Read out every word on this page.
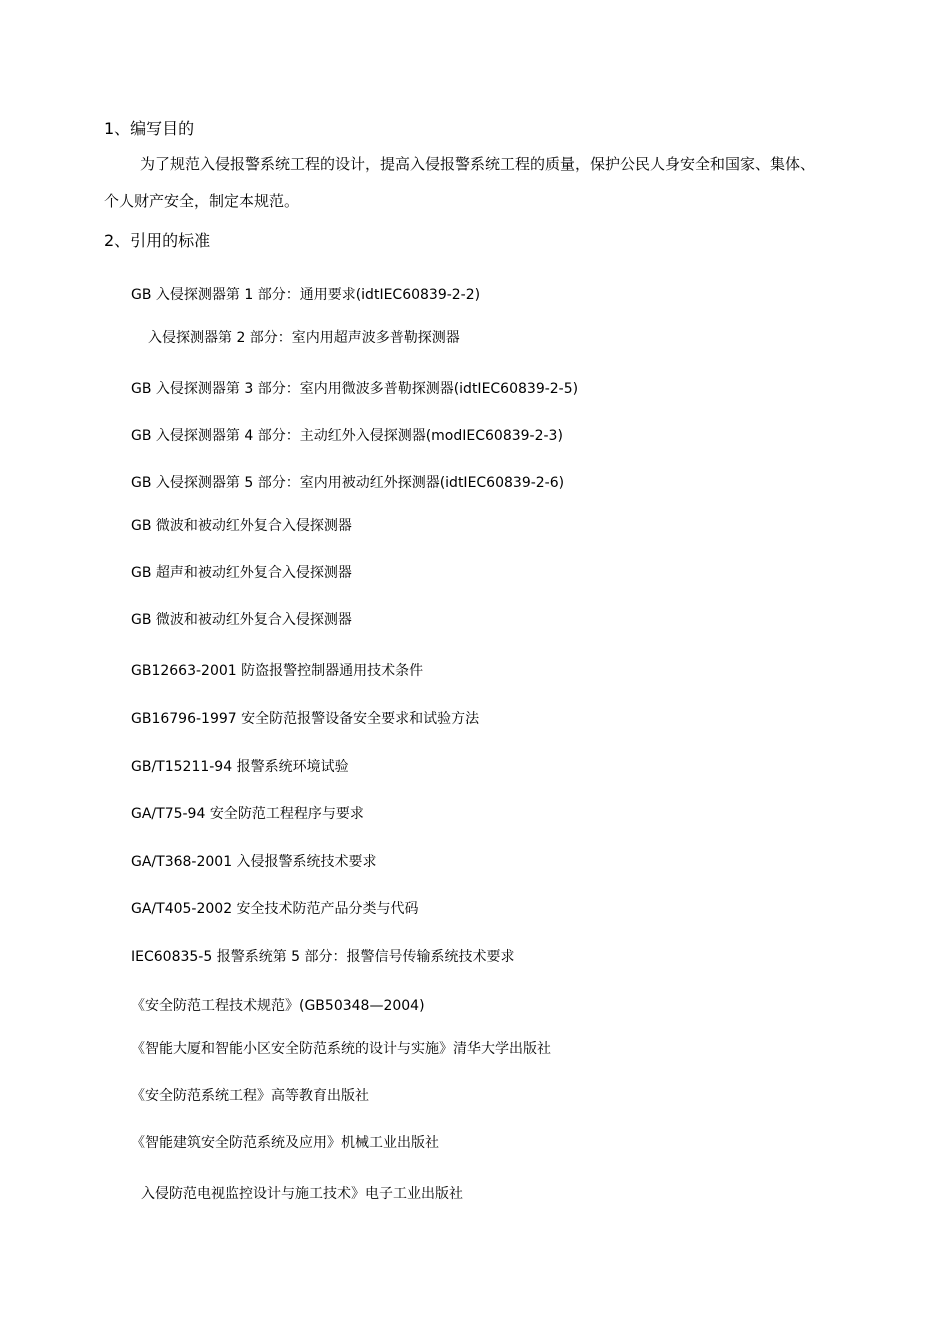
1、编写目的
为了规范入侵报警系统工程的设计，提高入侵报警系统工程的质量，保护公民人身安全和国家、集体、
个人财产安全，制定本规范。
2、引用的标准
GB 入侵探测器第 1 部分：通用要求(idtIEC60839-2-2)
入侵探测器第 2 部分：室内用超声波多普勒探测器
GB 入侵探测器第 3 部分：室内用微波多普勒探测器(idtIEC60839-2-5)
GB 入侵探测器第 4 部分：主动红外入侵探测器(modIEC60839-2-3)
GB 入侵探测器第 5 部分：室内用被动红外探测器(idtIEC60839-2-6)
GB 微波和被动红外复合入侵探测器
GB 超声和被动红外复合入侵探测器
GB 微波和被动红外复合入侵探测器
GB12663-2001 防盗报警控制器通用技术条件
GB16796-1997 安全防范报警设备安全要求和试验方法
GB/T15211-94 报警系统环境试验
GA/T75-94 安全防范工程程序与要求
GA/T368-2001 入侵报警系统技术要求
GA/T405-2002 安全技术防范产品分类与代码
IEC60835-5 报警系统第 5 部分：报警信号传输系统技术要求
《安全防范工程技术规范》(GB50348—2004)
《智能大厦和智能小区安全防范系统的设计与实施》清华大学出版社
《安全防范系统工程》高等教育出版社
《智能建筑安全防范系统及应用》机械工业出版社
入侵防范电视监控设计与施工技术》电子工业出版社
